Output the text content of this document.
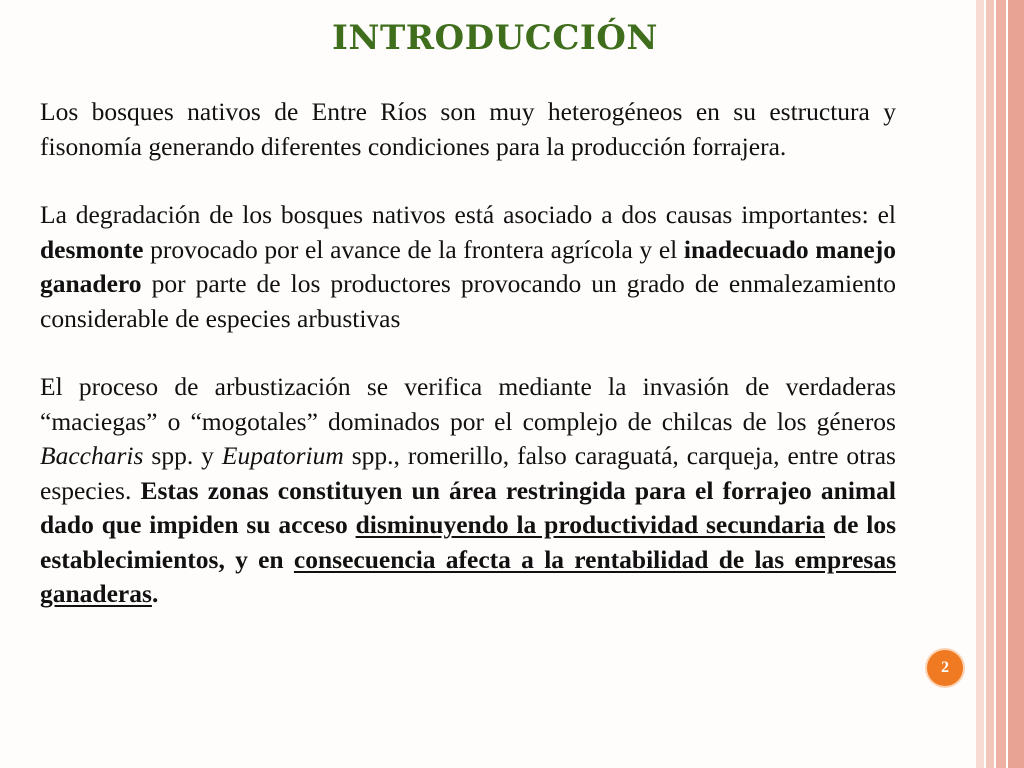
INTRODUCCIÓN

Los bosques nativos de Entre Ríos son muy heterogéneos en su estructura y fisonomía generando diferentes condiciones para la producción forrajera.

La degradación de los bosques nativos está asociado a dos causas importantes: el desmonte provocado por el avance de la frontera agrícola y el inadecuado manejo ganadero por parte de los productores provocando un grado de enmalezamiento considerable de especies arbustivas

El proceso de arbustización se verifica mediante la invasión de verdaderas “maciegas” o “mogotales” dominados por el complejo de chilcas de los géneros Baccharis spp. y Eupatorium spp., romerillo, falso caraguatá, carqueja, entre otras especies. Estas zonas constituyen un área restringida para el forrajeo animal dado que impiden su acceso disminuyendo la productividad secundaria de los establecimientos, y en consecuencia afecta a la rentabilidad de las empresas ganaderas.

2
